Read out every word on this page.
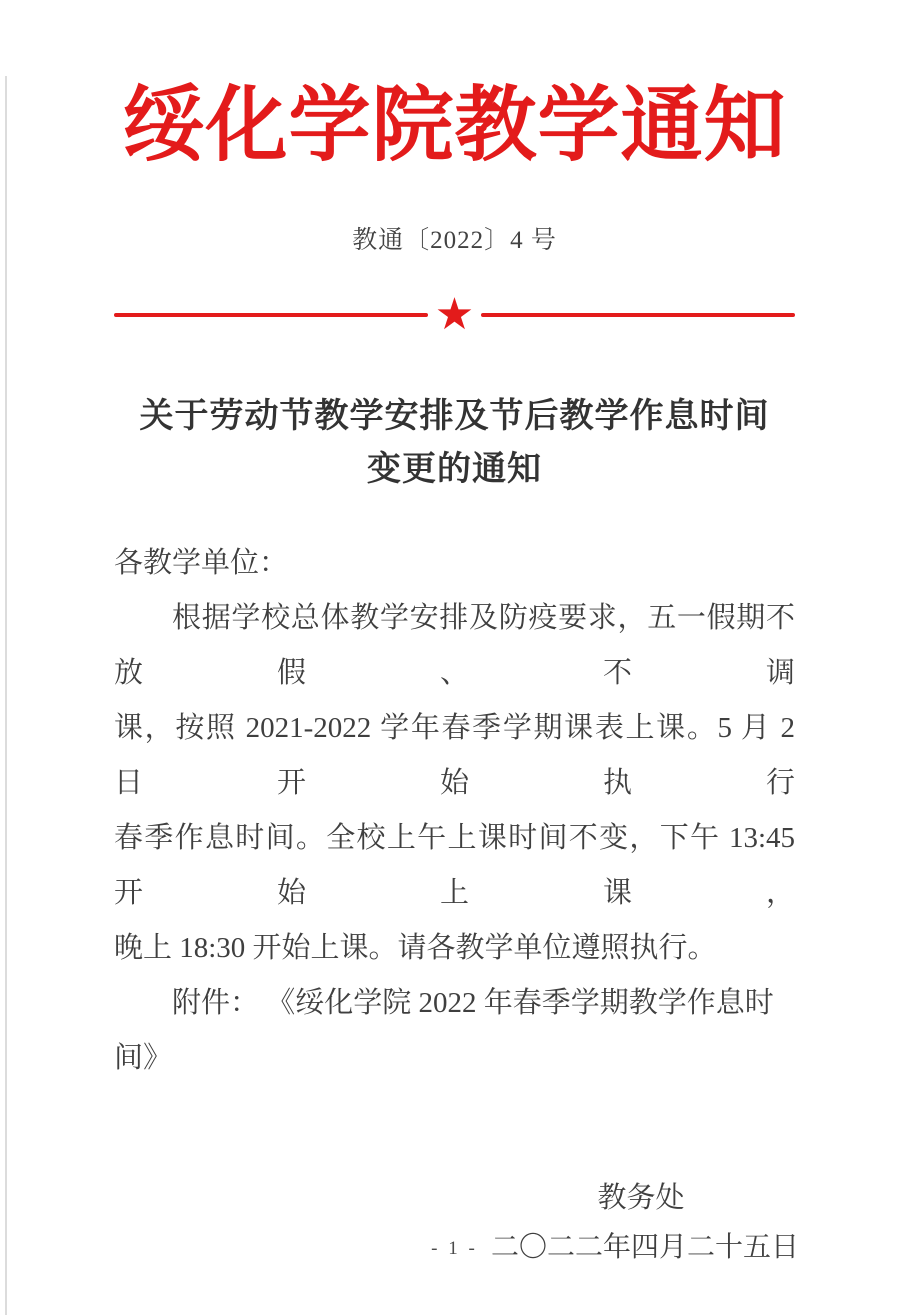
绥化学院教学通知
教通〔2022〕4 号
★
关于劳动节教学安排及节后教学作息时间
变更的通知
各教学单位：
根据学校总体教学安排及防疫要求，五一假期不放假、不调
课，按照 2021-2022 学年春季学期课表上课。5 月 2 日开始执行
春季作息时间。全校上午上课时间不变，下午 13:45 开始上课，
晚上 18:30 开始上课。请各教学单位遵照执行。
附件： 《绥化学院 2022 年春季学期教学作息时间》
教务处
二〇二二年四月二十五日
- 1 -
